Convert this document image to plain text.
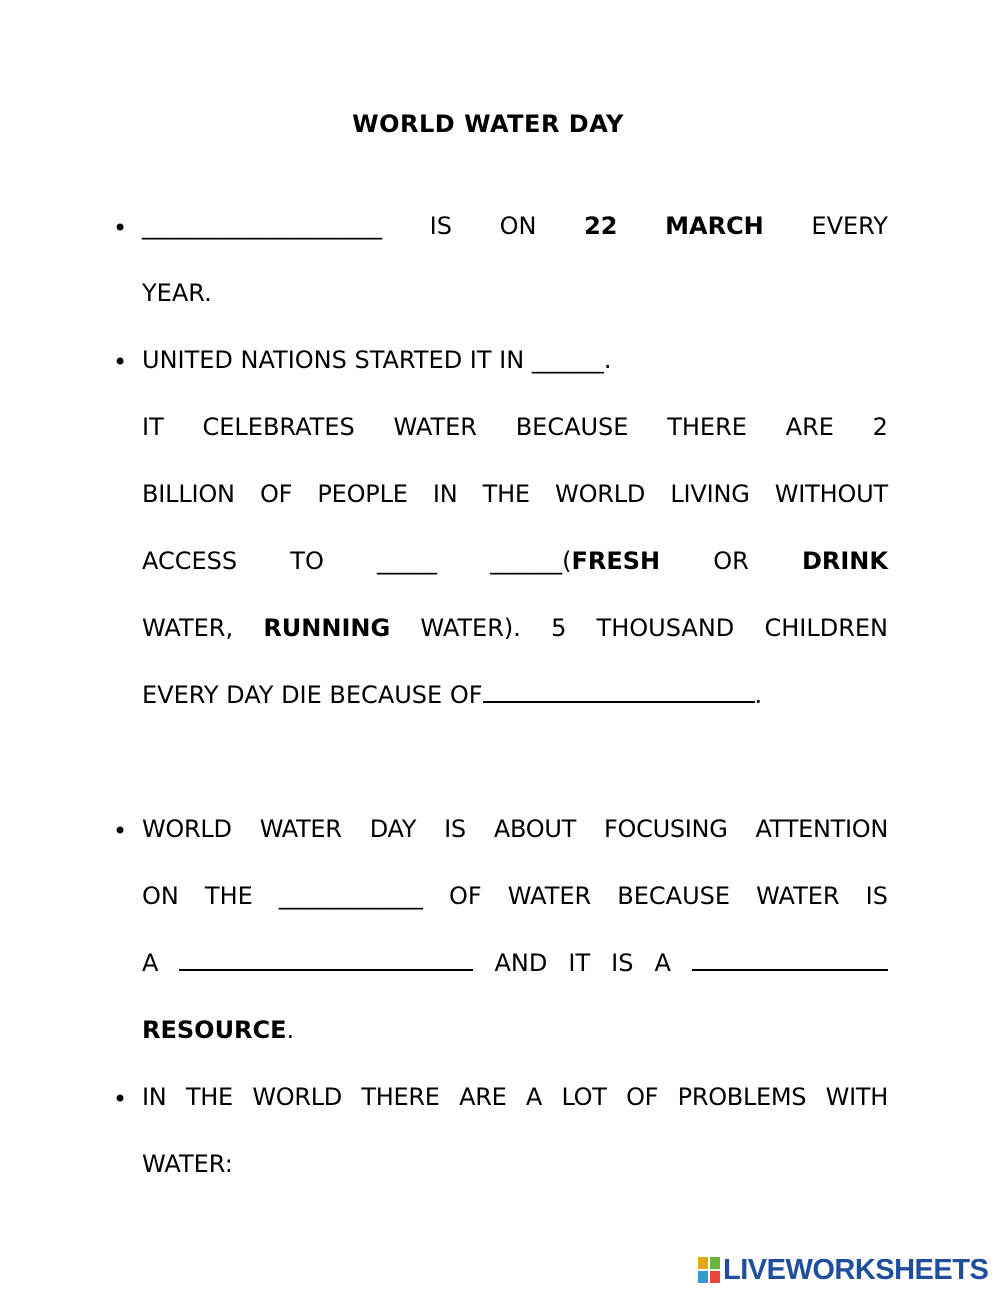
WORLD WATER DAY
• ____________________ IS ON 22 MARCH EVERY
YEAR.
• UNITED NATIONS STARTED IT IN ______.
IT CELEBRATES WATER BECAUSE THERE ARE 2
BILLION OF PEOPLE IN THE WORLD LIVING WITHOUT
ACCESS TO _____ ______(FRESH OR DRINK
WATER, RUNNING WATER). 5 THOUSAND CHILDREN
EVERY DAY DIE BECAUSE OF	.
• WORLD WATER DAY IS ABOUT FOCUSING ATTENTION
ON THE ____________ OF WATER BECAUSE WATER IS
A	AND IT IS A
RESOURCE.
• IN THE WORLD THERE ARE A LOT OF PROBLEMS WITH
WATER:
LIVEWORKSHEETS
